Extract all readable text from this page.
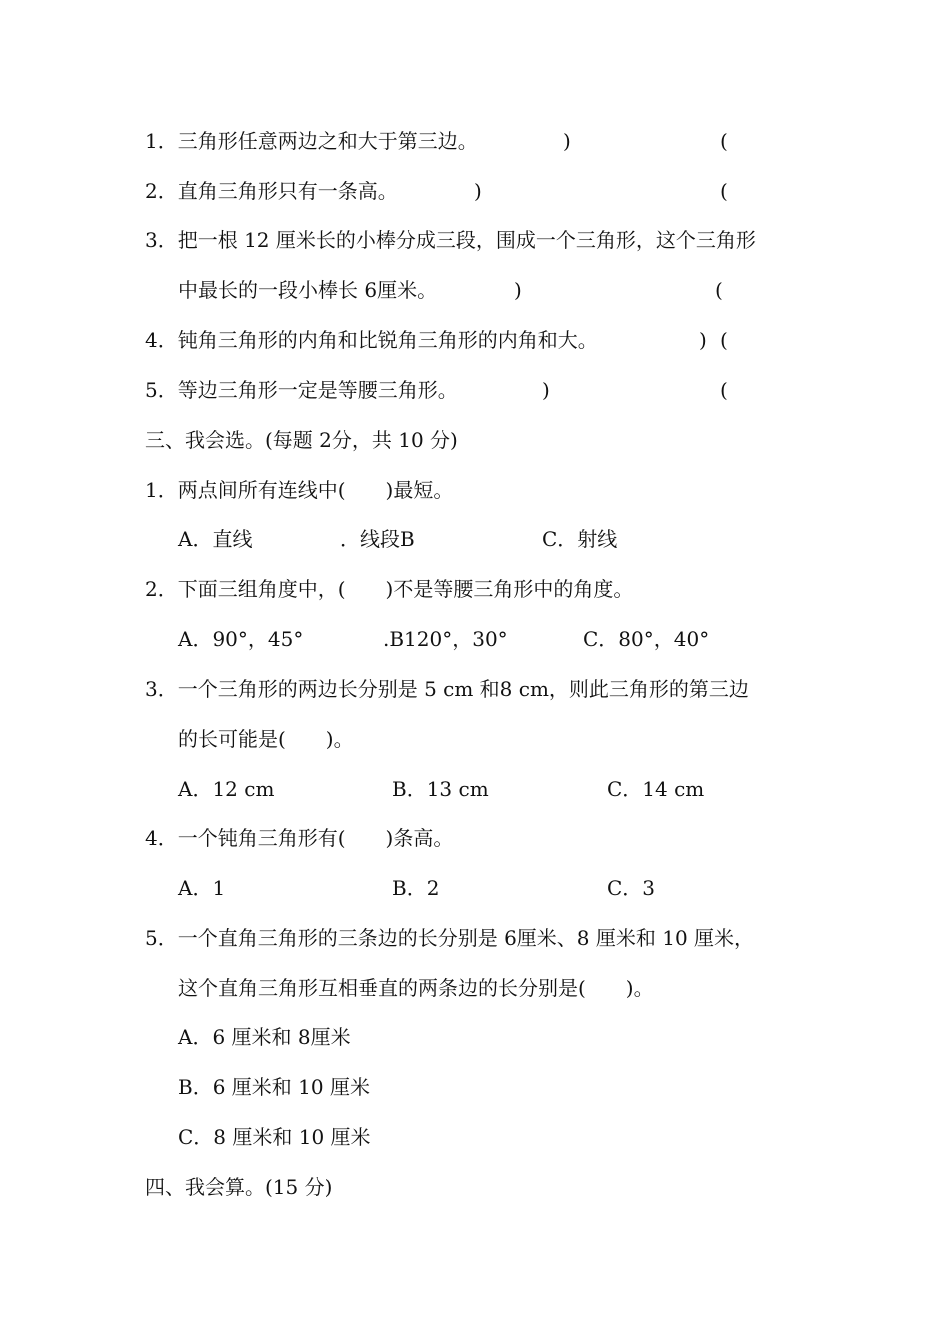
1．三角形任意两边之和大于第三边。	)	(
2．直角三角形只有一条高。	)	(
3．把一根 12 厘米长的小棒分成三段，围成一个三角形，这个三角形
中最长的一段小棒长 6厘米。	)	(
4．钝角三角形的内角和比锐角三角形的内角和大。	) (
5．等边三角形一定是等腰三角形。	)	(
三、我会选。(每题 2分，共 10 分)
1．两点间所有连线中(　　)最短。
A．直线	．线段B	C．射线
2．下面三组角度中，(　　)不是等腰三角形中的角度。
A．90°，45°	.B120°，30°	C．80°，40°
3．一个三角形的两边长分别是 5 cm 和8 cm，则此三角形的第三边
的长可能是(　　)。
A．12 cm	B．13 cm	C．14 cm
4．一个钝角三角形有(　　)条高。
A．1	B．2	C．3
5．一个直角三角形的三条边的长分别是 6厘米、8 厘米和 10 厘米，
这个直角三角形互相垂直的两条边的长分别是(　　)。
A．6 厘米和 8厘米
B．6 厘米和 10 厘米
C．8 厘米和 10 厘米
四、我会算。(15 分)
